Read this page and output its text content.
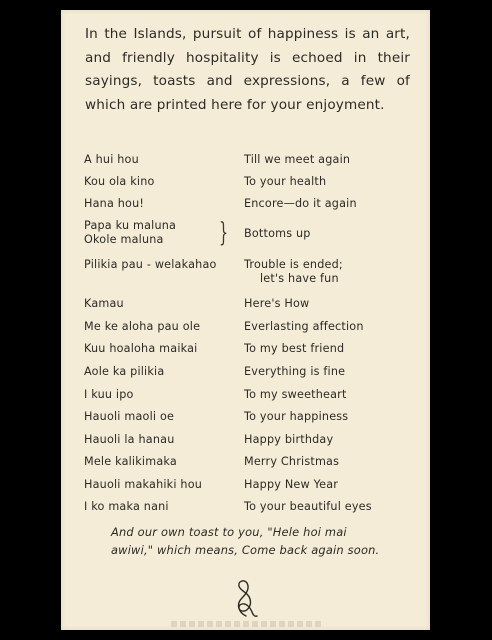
In the Islands, pursuit of happiness is an art, and friendly hospitality is echoed in their sayings, toasts and expressions, a few of which are printed here for your enjoyment.

A hui hou	Till we meet again
Kou ola kino	To your health
Hana hou!	Encore—do it again
Papa ku maluna
Okole maluna	} Bottoms up
Pilikia pau - welakahao	Trouble is ended;
let's have fun
Kamau	Here's How
Me ke aloha pau ole	Everlasting affection
Kuu hoaloha maikai	To my best friend
Aole ka pilikia	Everything is fine
I kuu ipo	To my sweetheart
Hauoli maoli oe	To your happiness
Hauoli la hanau	Happy birthday
Mele kalikimaka	Merry Christmas
Hauoli makahiki hou	Happy New Year
I ko maka nani	To your beautiful eyes

And our own toast to you, "Hele hoi mai
awiwi," which means, Come back again soon.
